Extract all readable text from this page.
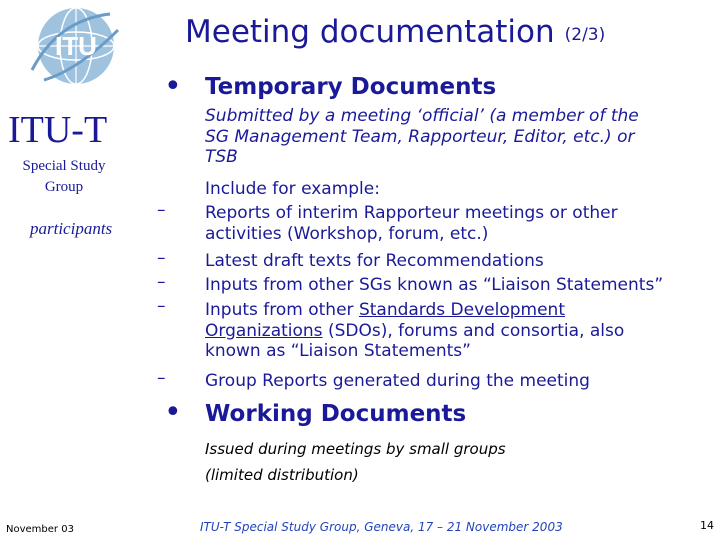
Meeting documentation (2/3)
ITU
ITU-T
Special Study
Group
participants
• Temporary Documents
Submitted by a meeting ‘official’ (a member of the
SG Management Team, Rapporteur, Editor, etc.) or
TSB
Include for example:
– Reports of interim Rapporteur meetings or other
activities (Workshop, forum, etc.)
– Latest draft texts for Recommendations
– Inputs from other SGs known as “Liaison Statements”
– Inputs from other Standards Development
Organizations (SDOs), forums and consortia, also
known as “Liaison Statements”
– Group Reports generated during the meeting
• Working Documents
Issued during meetings by small groups
(limited distribution)
November 03	ITU-T Special Study Group, Geneva, 17 – 21 November 2003	14
